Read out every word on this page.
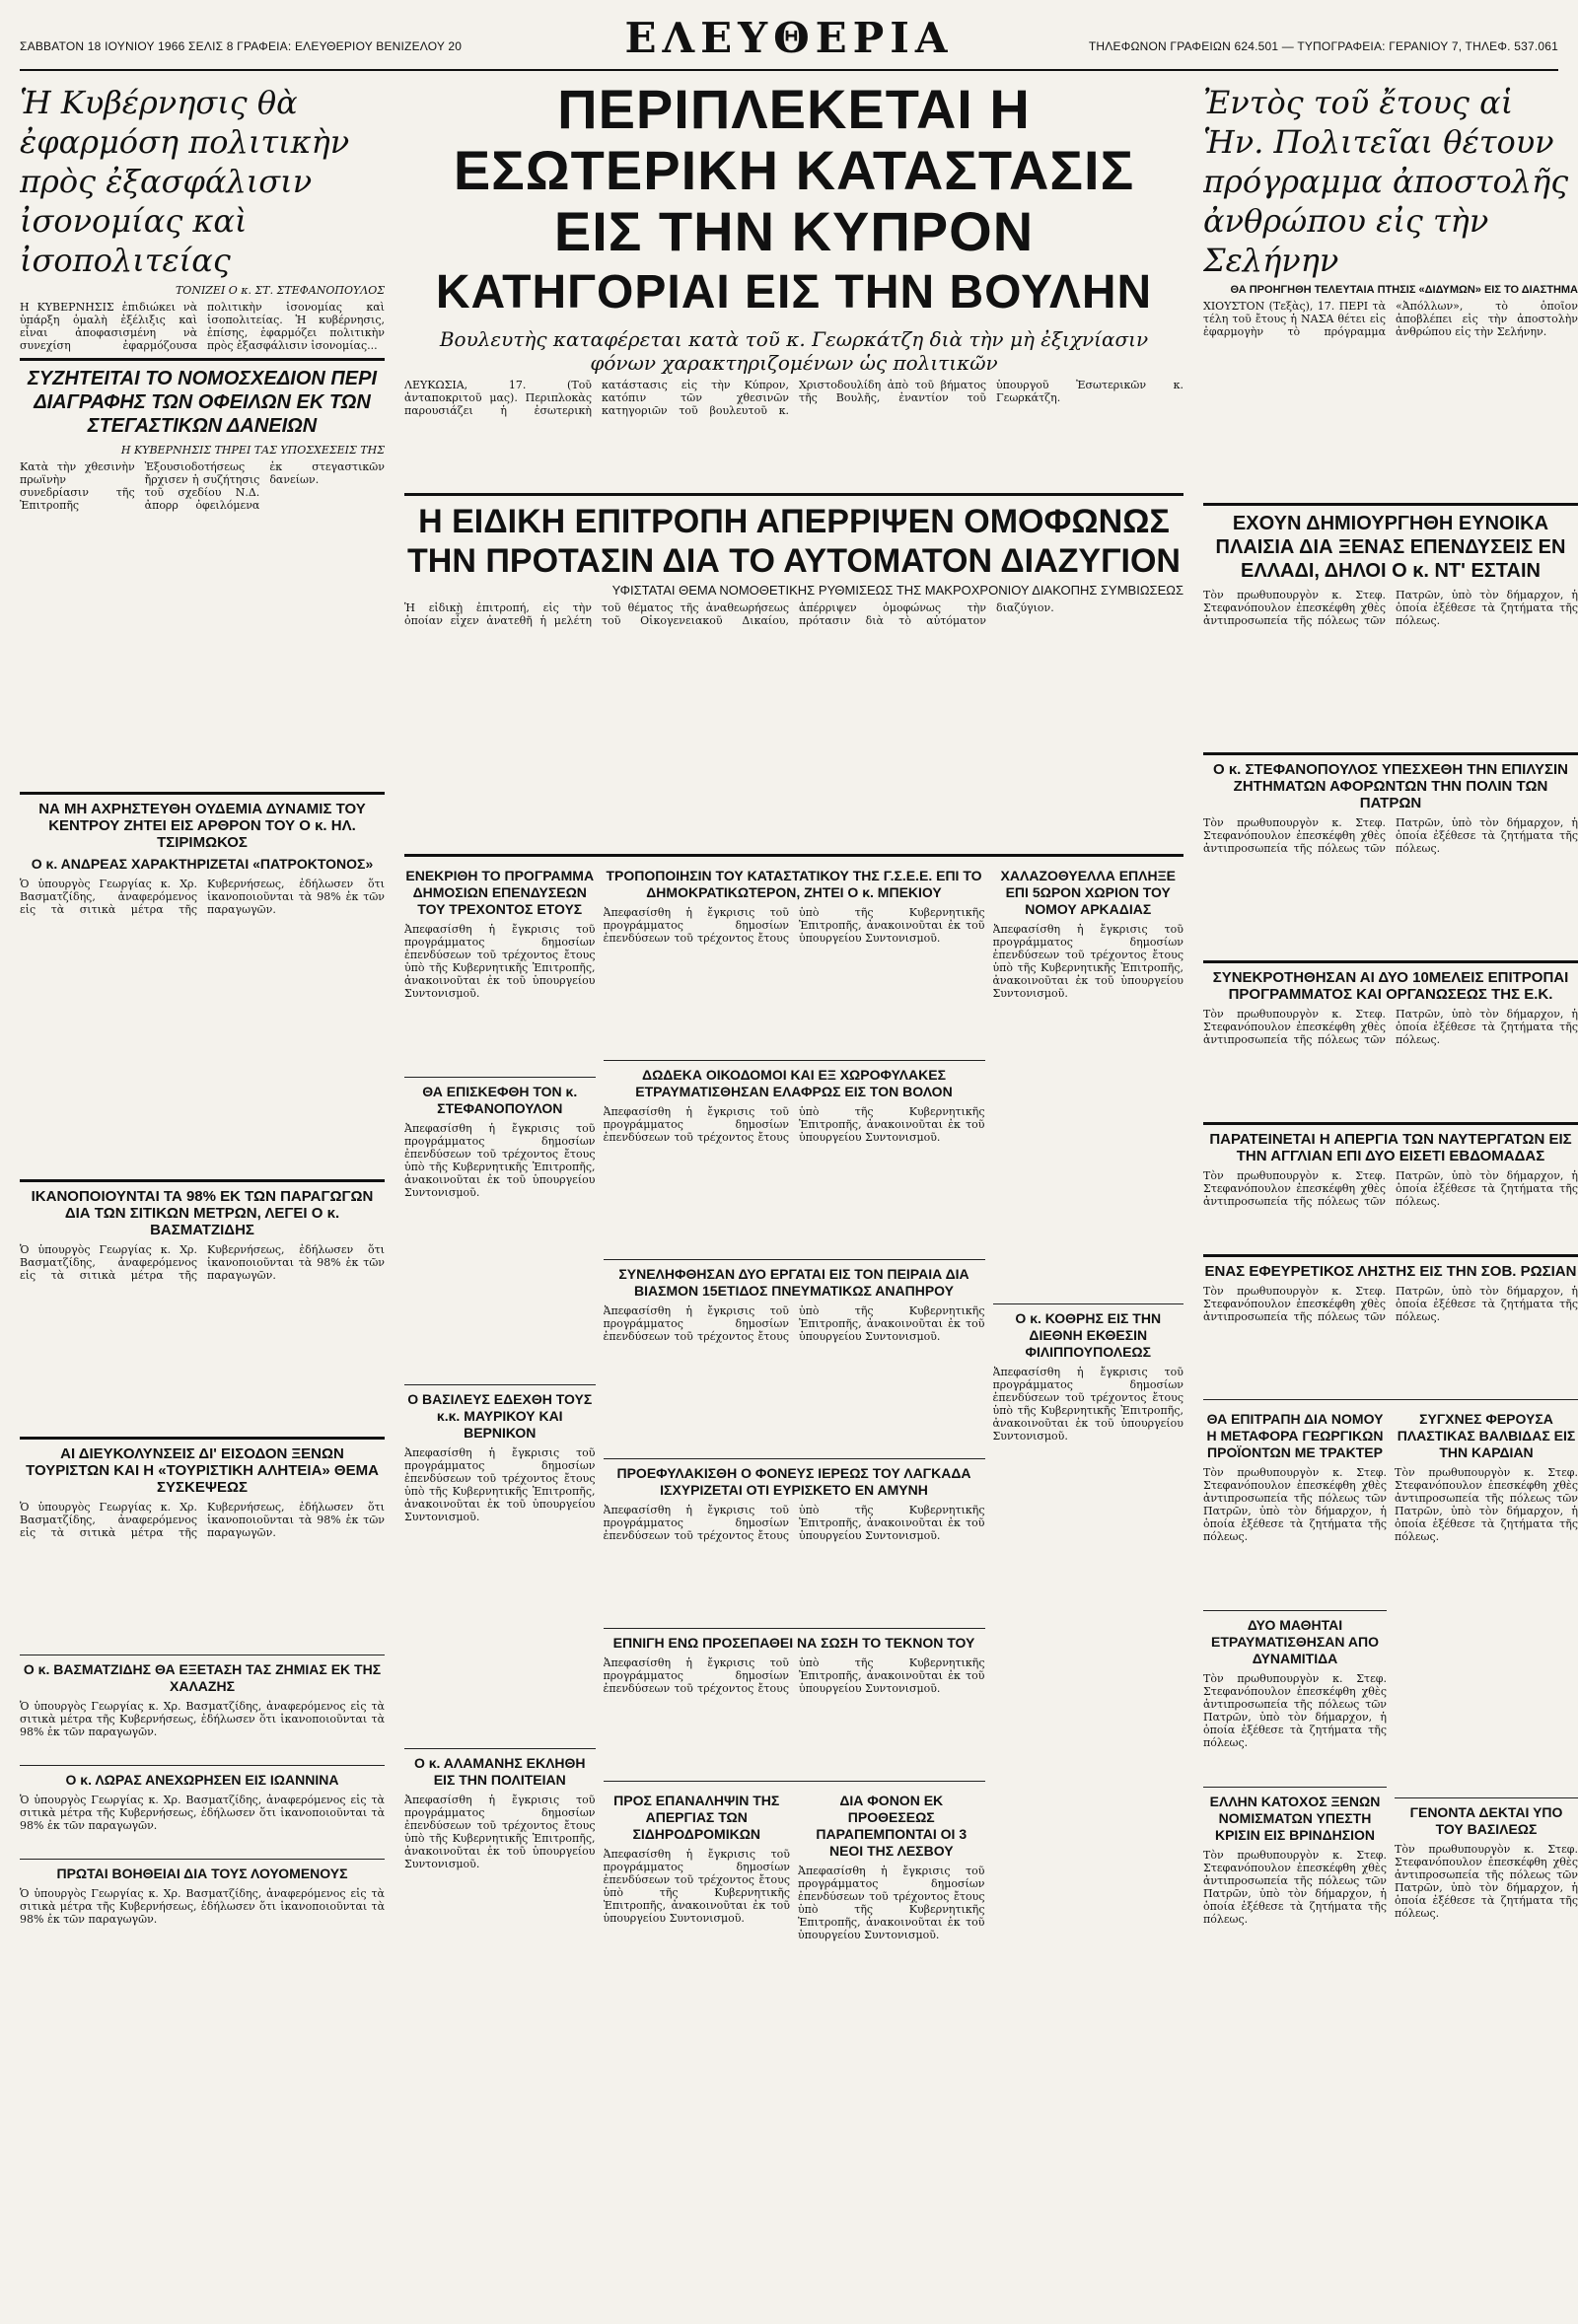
ΣΑΒΒΑΤΟΝ 18 ΙΟΥΝΙΟΥ 1966 ΣΕΛΙΣ 8 ΓΡΑΦΕΙΑ: ΕΛΕΥΘΕΡΙΟΥ ΒΕΝΙΖΕΛΟΥ 20	ΕΛΕΥΘΕΡΙΑ	ΤΗΛΕΦΩΝΟΝ ΓΡΑΦΕΙΩΝ 624.501 — ΤΥΠΟΓΡΑΦΕΙΑ: ΓΕΡΑΝΙΟΥ 7, ΤΗΛΕΦ. 537.061
Ἡ Κυβέρνησις θὰ ἐφαρμόση πολιτικὴν πρὸς ἐξασφάλισιν ἰσονομίας καὶ ἰσοπολιτείας
ΤΟΝΙΖΕΙ Ο κ. ΣΤ. ΣΤΕΦΑΝΟΠΟΥΛΟΣ
Η ΚΥΒΕΡΝΗΣΙΣ ἐπιδιώκει νὰ ὑπάρξη ὁμαλὴ ἐξέλιξις καὶ εἶναι ἀποφασισμένη νὰ συνεχίση ἐφαρμόζουσα πολιτικὴν ἰσονομίας καὶ ἰσοπολιτείας. Ἡ κυβέρνησις, ἐπίσης, ἐφαρμόζει πολιτικὴν πρὸς ἐξασφάλισιν ἰσονομίας...
ΣΥΖΗΤΕΙΤΑΙ ΤΟ ΝΟΜΟΣΧΕΔΙΟΝ ΠΕΡΙ ΔΙΑΓΡΑΦΗΣ ΤΩΝ ΟΦΕΙΛΩΝ ΕΚ ΤΩΝ ΣΤΕΓΑΣΤΙΚΩΝ ΔΑΝΕΙΩΝ
Η ΚΥΒΕΡΝΗΣΙΣ ΤΗΡΕΙ ΤΑΣ ΥΠΟΣΧΕΣΕΙΣ ΤΗΣ
Κατὰ τὴν χθεσινὴν πρωϊνὴν συνεδρίασιν τῆς Ἐπιτροπῆς Ἐξουσιοδοτήσεως ἤρχισεν ἡ συζήτησις τοῦ σχεδίου Ν.Δ. ἀπορρ ὀφειλόμενα ἐκ στεγαστικῶν δανείων.
ΝΑ ΜΗ ΑΧΡΗΣΤΕΥΘΗ ΟΥΔΕΜΙΑ ΔΥΝΑΜΙΣ ΤΟΥ ΚΕΝΤΡΟΥ ΖΗΤΕΙ ΕΙΣ ΑΡΘΡΟΝ ΤΟΥ Ο κ. ΗΛ. ΤΣΙΡΙΜΩΚΟΣ
Ο κ. ΑΝΔΡΕΑΣ ΧΑΡΑΚΤΗΡΙΖΕΤΑΙ «ΠΑΤΡΟΚΤΟΝΟΣ»
Ὁ ὑπουργὸς Γεωργίας κ. Χρ. Βασματζίδης, ἀναφερόμενος εἰς τὰ σιτικὰ μέτρα τῆς Κυβερνήσεως, ἐδήλωσεν ὅτι ἱκανοποιοῦνται τὰ 98% ἐκ τῶν παραγωγῶν.
ΙΚΑΝΟΠΟΙΟΥΝΤΑΙ ΤΑ 98% ΕΚ ΤΩΝ ΠΑΡΑΓΩΓΩΝ ΔΙΑ ΤΩΝ ΣΙΤΙΚΩΝ ΜΕΤΡΩΝ, ΛΕΓΕΙ Ο κ. ΒΑΣΜΑΤΖΙΔΗΣ
Ὁ ὑπουργὸς Γεωργίας κ. Χρ. Βασματζίδης, ἀναφερόμενος εἰς τὰ σιτικὰ μέτρα τῆς Κυβερνήσεως, ἐδήλωσεν ὅτι ἱκανοποιοῦνται τὰ 98% ἐκ τῶν παραγωγῶν.
ΑΙ ΔΙΕΥΚΟΛΥΝΣΕΙΣ ΔΙ' ΕΙΣΟΔΟΝ ΞΕΝΩΝ ΤΟΥΡΙΣΤΩΝ ΚΑΙ Η «ΤΟΥΡΙΣΤΙΚΗ ΑΛΗΤΕΙΑ» ΘΕΜΑ ΣΥΣΚΕΨΕΩΣ
Ὁ ὑπουργὸς Γεωργίας κ. Χρ. Βασματζίδης, ἀναφερόμενος εἰς τὰ σιτικὰ μέτρα τῆς Κυβερνήσεως, ἐδήλωσεν ὅτι ἱκανοποιοῦνται τὰ 98% ἐκ τῶν παραγωγῶν.
Ο κ. ΒΑΣΜΑΤΖΙΔΗΣ ΘΑ ΕΞΕΤΑΣΗ ΤΑΣ ΖΗΜΙΑΣ ΕΚ ΤΗΣ ΧΑΛΑΖΗΣ
Ὁ ὑπουργὸς Γεωργίας κ. Χρ. Βασματζίδης, ἀναφερόμενος εἰς τὰ σιτικὰ μέτρα τῆς Κυβερνήσεως, ἐδήλωσεν ὅτι ἱκανοποιοῦνται τὰ 98% ἐκ τῶν παραγωγῶν.
Ο κ. ΛΩΡΑΣ ΑΝΕΧΩΡΗΣΕΝ ΕΙΣ ΙΩΑΝΝΙΝΑ
Ὁ ὑπουργὸς Γεωργίας κ. Χρ. Βασματζίδης, ἀναφερόμενος εἰς τὰ σιτικὰ μέτρα τῆς Κυβερνήσεως, ἐδήλωσεν ὅτι ἱκανοποιοῦνται τὰ 98% ἐκ τῶν παραγωγῶν.
ΠΡΩΤΑΙ ΒΟΗΘΕΙΑΙ ΔΙΑ ΤΟΥΣ ΛΟΥΟΜΕΝΟΥΣ
Ὁ ὑπουργὸς Γεωργίας κ. Χρ. Βασματζίδης, ἀναφερόμενος εἰς τὰ σιτικὰ μέτρα τῆς Κυβερνήσεως, ἐδήλωσεν ὅτι ἱκανοποιοῦνται τὰ 98% ἐκ τῶν παραγωγῶν.
ΠΕΡΙΠΛΕΚΕΤΑΙ Η ΕΣΩΤΕΡΙΚΗ ΚΑΤΑΣΤΑΣΙΣ ΕΙΣ ΤΗΝ ΚΥΠΡΟΝ
ΚΑΤΗΓΟΡΙΑΙ ΕΙΣ ΤΗΝ ΒΟΥΛΗΝ
Βουλευτὴς καταφέρεται κατὰ τοῦ κ. Γεωρκάτζη διὰ τὴν μὴ ἐξιχνίασιν φόνων χαρακτηριζομένων ὡς πολιτικῶν
ΛΕΥΚΩΣΙΑ, 17. (Τοῦ ἀνταποκριτοῦ μας). Περιπλοκὰς παρουσιάζει ἡ ἐσωτερικὴ κατάστασις εἰς τὴν Κύπρον, κατόπιν τῶν χθεσινῶν κατηγοριῶν τοῦ βουλευτοῦ κ. Χριστοδουλίδη ἀπὸ τοῦ βήματος τῆς Βουλῆς, ἐναντίον τοῦ ὑπουργοῦ Ἐσωτερικῶν κ. Γεωρκάτζη.
Η ΕΙΔΙΚΗ ΕΠΙΤΡΟΠΗ ΑΠΕΡΡΙΨΕΝ ΟΜΟΦΩΝΩΣ ΤΗΝ ΠΡΟΤΑΣΙΝ ΔΙΑ ΤΟ ΑΥΤΟΜΑΤΟΝ ΔΙΑΖΥΓΙΟΝ
ΥΦΙΣΤΑΤΑΙ ΘΕΜΑ ΝΟΜΟΘΕΤΙΚΗΣ ΡΥΘΜΙΣΕΩΣ ΤΗΣ ΜΑΚΡΟΧΡΟΝΙΟΥ ΔΙΑΚΟΠΗΣ ΣΥΜΒΙΩΣΕΩΣ
Ἡ εἰδικὴ ἐπιτροπή, εἰς τὴν ὁποίαν εἶχεν ἀνατεθῆ ἡ μελέτη τοῦ θέματος τῆς ἀναθεωρήσεως τοῦ Οἰκογενειακοῦ Δικαίου, ἀπέρριψεν ὁμοφώνως τὴν πρότασιν διὰ τὸ αὐτόματον διαζύγιον.
ΕΝΕΚΡΙΘΗ ΤΟ ΠΡΟΓΡΑΜΜΑ ΔΗΜΟΣΙΩΝ ΕΠΕΝΔΥΣΕΩΝ ΤΟΥ ΤΡΕΧΟΝΤΟΣ ΕΤΟΥΣ
Ἀπεφασίσθη ἡ ἔγκρισις τοῦ προγράμματος δημοσίων ἐπενδύσεων τοῦ τρέχοντος ἔτους ὑπὸ τῆς Κυβερνητικῆς Ἐπιτροπῆς, ἀνακοινοῦται ἐκ τοῦ ὑπουργείου Συντονισμοῦ.
ΘΑ ΕΠΙΣΚΕΦΘΗ ΤΟΝ κ. ΣΤΕΦΑΝΟΠΟΥΛΟΝ
Ἀπεφασίσθη ἡ ἔγκρισις τοῦ προγράμματος δημοσίων ἐπενδύσεων τοῦ τρέχοντος ἔτους ὑπὸ τῆς Κυβερνητικῆς Ἐπιτροπῆς, ἀνακοινοῦται ἐκ τοῦ ὑπουργείου Συντονισμοῦ.
Ο ΒΑΣΙΛΕΥΣ ΕΔΕΧΘΗ ΤΟΥΣ κ.κ. ΜΑΥΡΙΚΟΥ ΚΑΙ ΒΕΡΝΙΚΟΝ
Ἀπεφασίσθη ἡ ἔγκρισις τοῦ προγράμματος δημοσίων ἐπενδύσεων τοῦ τρέχοντος ἔτους ὑπὸ τῆς Κυβερνητικῆς Ἐπιτροπῆς, ἀνακοινοῦται ἐκ τοῦ ὑπουργείου Συντονισμοῦ.
Ο κ. ΑΛΑΜΑΝΗΣ ΕΚΛΗΘΗ ΕΙΣ ΤΗΝ ΠΟΛΙΤΕΙΑΝ
Ἀπεφασίσθη ἡ ἔγκρισις τοῦ προγράμματος δημοσίων ἐπενδύσεων τοῦ τρέχοντος ἔτους ὑπὸ τῆς Κυβερνητικῆς Ἐπιτροπῆς, ἀνακοινοῦται ἐκ τοῦ ὑπουργείου Συντονισμοῦ.
ΤΡΟΠΟΠΟΙΗΣΙΝ ΤΟΥ ΚΑΤΑΣΤΑΤΙΚΟΥ ΤΗΣ Γ.Σ.Ε.Ε. ΕΠΙ ΤΟ ΔΗΜΟΚΡΑΤΙΚΩΤΕΡΟΝ, ΖΗΤΕΙ Ο κ. ΜΠΕΚΙΟΥ
Ἀπεφασίσθη ἡ ἔγκρισις τοῦ προγράμματος δημοσίων ἐπενδύσεων τοῦ τρέχοντος ἔτους ὑπὸ τῆς Κυβερνητικῆς Ἐπιτροπῆς, ἀνακοινοῦται ἐκ τοῦ ὑπουργείου Συντονισμοῦ.
ΔΩΔΕΚΑ ΟΙΚΟΔΟΜΟΙ ΚΑΙ ΕΞ ΧΩΡΟΦΥΛΑΚΕΣ ΕΤΡΑΥΜΑΤΙΣΘΗΣΑΝ ΕΛΑΦΡΩΣ ΕΙΣ ΤΟΝ ΒΟΛΟΝ
Ἀπεφασίσθη ἡ ἔγκρισις τοῦ προγράμματος δημοσίων ἐπενδύσεων τοῦ τρέχοντος ἔτους ὑπὸ τῆς Κυβερνητικῆς Ἐπιτροπῆς, ἀνακοινοῦται ἐκ τοῦ ὑπουργείου Συντονισμοῦ.
ΣΥΝΕΛΗΦΘΗΣΑΝ ΔΥΟ ΕΡΓΑΤΑΙ ΕΙΣ ΤΟΝ ΠΕΙΡΑΙΑ ΔΙΑ ΒΙΑΣΜΟΝ 15ΕΤΙΔΟΣ ΠΝΕΥΜΑΤΙΚΩΣ ΑΝΑΠΗΡΟΥ
Ἀπεφασίσθη ἡ ἔγκρισις τοῦ προγράμματος δημοσίων ἐπενδύσεων τοῦ τρέχοντος ἔτους ὑπὸ τῆς Κυβερνητικῆς Ἐπιτροπῆς, ἀνακοινοῦται ἐκ τοῦ ὑπουργείου Συντονισμοῦ.
ΠΡΟΕΦΥΛΑΚΙΣΘΗ Ο ΦΟΝΕΥΣ ΙΕΡΕΩΣ ΤΟΥ ΛΑΓΚΑΔΑ ΙΣΧΥΡΙΖΕΤΑΙ ΟΤΙ ΕΥΡΙΣΚΕΤΟ ΕΝ ΑΜΥΝΗ
Ἀπεφασίσθη ἡ ἔγκρισις τοῦ προγράμματος δημοσίων ἐπενδύσεων τοῦ τρέχοντος ἔτους ὑπὸ τῆς Κυβερνητικῆς Ἐπιτροπῆς, ἀνακοινοῦται ἐκ τοῦ ὑπουργείου Συντονισμοῦ.
ΕΠΝΙΓΗ ΕΝΩ ΠΡΟΣΕΠΑΘΕΙ ΝΑ ΣΩΣΗ ΤΟ ΤΕΚΝΟΝ ΤΟΥ
Ἀπεφασίσθη ἡ ἔγκρισις τοῦ προγράμματος δημοσίων ἐπενδύσεων τοῦ τρέχοντος ἔτους ὑπὸ τῆς Κυβερνητικῆς Ἐπιτροπῆς, ἀνακοινοῦται ἐκ τοῦ ὑπουργείου Συντονισμοῦ.
ΠΡΟΣ ΕΠΑΝΑΛΗΨΙΝ ΤΗΣ ΑΠΕΡΓΙΑΣ ΤΩΝ ΣΙΔΗΡΟΔΡΟΜΙΚΩΝ
Ἀπεφασίσθη ἡ ἔγκρισις τοῦ προγράμματος δημοσίων ἐπενδύσεων τοῦ τρέχοντος ἔτους ὑπὸ τῆς Κυβερνητικῆς Ἐπιτροπῆς, ἀνακοινοῦται ἐκ τοῦ ὑπουργείου Συντονισμοῦ.
ΔΙΑ ΦΟΝΟΝ ΕΚ ΠΡΟΘΕΣΕΩΣ ΠΑΡΑΠΕΜΠΟΝΤΑΙ ΟΙ 3 ΝΕΟΙ ΤΗΣ ΛΕΣΒΟΥ
Ἀπεφασίσθη ἡ ἔγκρισις τοῦ προγράμματος δημοσίων ἐπενδύσεων τοῦ τρέχοντος ἔτους ὑπὸ τῆς Κυβερνητικῆς Ἐπιτροπῆς, ἀνακοινοῦται ἐκ τοῦ ὑπουργείου Συντονισμοῦ.
ΧΑΛΑΖΟΘΥΕΛΛΑ ΕΠΛΗΞΕ ΕΠΙ 5ΩΡΟΝ ΧΩΡΙΟΝ ΤΟΥ ΝΟΜΟΥ ΑΡΚΑΔΙΑΣ
Ἀπεφασίσθη ἡ ἔγκρισις τοῦ προγράμματος δημοσίων ἐπενδύσεων τοῦ τρέχοντος ἔτους ὑπὸ τῆς Κυβερνητικῆς Ἐπιτροπῆς, ἀνακοινοῦται ἐκ τοῦ ὑπουργείου Συντονισμοῦ.
Ο κ. ΚΟΘΡΗΣ ΕΙΣ ΤΗΝ ΔΙΕΘΝΗ ΕΚΘΕΣΙΝ ΦΙΛΙΠΠΟΥΠΟΛΕΩΣ
Ἀπεφασίσθη ἡ ἔγκρισις τοῦ προγράμματος δημοσίων ἐπενδύσεων τοῦ τρέχοντος ἔτους ὑπὸ τῆς Κυβερνητικῆς Ἐπιτροπῆς, ἀνακοινοῦται ἐκ τοῦ ὑπουργείου Συντονισμοῦ.
Ἐντὸς τοῦ ἔτους αἱ Ἡν. Πολιτεῖαι θέτουν πρόγραμμα ἀποστολῆς ἀνθρώπου εἰς τὴν Σελήνην
ΘΑ ΠΡΟΗΓΗΘΗ ΤΕΛΕΥΤΑΙΑ ΠΤΗΣΙΣ «ΔΙΔΥΜΩΝ» ΕΙΣ ΤΟ ΔΙΑΣΤΗΜΑ
ΧΙΟΥΣΤΟΝ (Τεξὰς), 17. ΠΕΡΙ τὰ τέλη τοῦ ἔτους ἡ ΝΑΣΑ θέτει εἰς ἐφαρμογὴν τὸ πρόγραμμα «Ἀπόλλων», τὸ ὁποῖον ἀποβλέπει εἰς τὴν ἀποστολὴν ἀνθρώπου εἰς τὴν Σελήνην.
ΕΧΟΥΝ ΔΗΜΙΟΥΡΓΗΘΗ ΕΥΝΟΙΚΑ ΠΛΑΙΣΙΑ ΔΙΑ ΞΕΝΑΣ ΕΠΕΝΔΥΣΕΙΣ ΕΝ ΕΛΛΑΔΙ, ΔΗΛΟΙ Ο κ. ΝΤ' ΕΣΤΑΙΝ
Τὸν πρωθυπουργὸν κ. Στεφ. Στεφανόπουλον ἐπεσκέφθη χθὲς ἀντιπροσωπεία τῆς πόλεως τῶν Πατρῶν, ὑπὸ τὸν δήμαρχον, ἡ ὁποία ἐξέθεσε τὰ ζητήματα τῆς πόλεως.
Ο κ. ΣΤΕΦΑΝΟΠΟΥΛΟΣ ΥΠΕΣΧΕΘΗ ΤΗΝ ΕΠΙΛΥΣΙΝ ΖΗΤΗΜΑΤΩΝ ΑΦΟΡΩΝΤΩΝ ΤΗΝ ΠΟΛΙΝ ΤΩΝ ΠΑΤΡΩΝ
Τὸν πρωθυπουργὸν κ. Στεφ. Στεφανόπουλον ἐπεσκέφθη χθὲς ἀντιπροσωπεία τῆς πόλεως τῶν Πατρῶν, ὑπὸ τὸν δήμαρχον, ἡ ὁποία ἐξέθεσε τὰ ζητήματα τῆς πόλεως.
ΣΥΝΕΚΡΟΤΗΘΗΣΑΝ ΑΙ ΔΥΟ 10ΜΕΛΕΙΣ ΕΠΙΤΡΟΠΑΙ ΠΡΟΓΡΑΜΜΑΤΟΣ ΚΑΙ ΟΡΓΑΝΩΣΕΩΣ ΤΗΣ Ε.Κ.
Τὸν πρωθυπουργὸν κ. Στεφ. Στεφανόπουλον ἐπεσκέφθη χθὲς ἀντιπροσωπεία τῆς πόλεως τῶν Πατρῶν, ὑπὸ τὸν δήμαρχον, ἡ ὁποία ἐξέθεσε τὰ ζητήματα τῆς πόλεως.
ΠΑΡΑΤΕΙΝΕΤΑΙ Η ΑΠΕΡΓΙΑ ΤΩΝ ΝΑΥΤΕΡΓΑΤΩΝ ΕΙΣ ΤΗΝ ΑΓΓΛΙΑΝ ΕΠΙ ΔΥΟ ΕΙΣΕΤΙ ΕΒΔΟΜΑΔΑΣ
Τὸν πρωθυπουργὸν κ. Στεφ. Στεφανόπουλον ἐπεσκέφθη χθὲς ἀντιπροσωπεία τῆς πόλεως τῶν Πατρῶν, ὑπὸ τὸν δήμαρχον, ἡ ὁποία ἐξέθεσε τὰ ζητήματα τῆς πόλεως.
ΕΝΑΣ ΕΦΕΥΡΕΤΙΚΟΣ ΛΗΣΤΗΣ ΕΙΣ ΤΗΝ ΣΟΒ. ΡΩΣΙΑΝ
Τὸν πρωθυπουργὸν κ. Στεφ. Στεφανόπουλον ἐπεσκέφθη χθὲς ἀντιπροσωπεία τῆς πόλεως τῶν Πατρῶν, ὑπὸ τὸν δήμαρχον, ἡ ὁποία ἐξέθεσε τὰ ζητήματα τῆς πόλεως.
ΘΑ ΕΠΙΤΡΑΠΗ ΔΙΑ ΝΟΜΟΥ Η ΜΕΤΑΦΟΡΑ ΓΕΩΡΓΙΚΩΝ ΠΡΟΪΟΝΤΩΝ ΜΕ ΤΡΑΚΤΕΡ
Τὸν πρωθυπουργὸν κ. Στεφ. Στεφανόπουλον ἐπεσκέφθη χθὲς ἀντιπροσωπεία τῆς πόλεως τῶν Πατρῶν, ὑπὸ τὸν δήμαρχον, ἡ ὁποία ἐξέθεσε τὰ ζητήματα τῆς πόλεως.
ΔΥΟ ΜΑΘΗΤΑΙ ΕΤΡΑΥΜΑΤΙΣΘΗΣΑΝ ΑΠΟ ΔΥΝΑΜΙΤΙΔΑ
Τὸν πρωθυπουργὸν κ. Στεφ. Στεφανόπουλον ἐπεσκέφθη χθὲς ἀντιπροσωπεία τῆς πόλεως τῶν Πατρῶν, ὑπὸ τὸν δήμαρχον, ἡ ὁποία ἐξέθεσε τὰ ζητήματα τῆς πόλεως.
ΕΛΛΗΝ ΚΑΤΟΧΟΣ ΞΕΝΩΝ ΝΟΜΙΣΜΑΤΩΝ ΥΠΕΣΤΗ ΚΡΙΣΙΝ ΕΙΣ ΒΡΙΝΔΗΣΙΟΝ
Τὸν πρωθυπουργὸν κ. Στεφ. Στεφανόπουλον ἐπεσκέφθη χθὲς ἀντιπροσωπεία τῆς πόλεως τῶν Πατρῶν, ὑπὸ τὸν δήμαρχον, ἡ ὁποία ἐξέθεσε τὰ ζητήματα τῆς πόλεως.
ΣΥΓΧΝΕΣ ΦΕΡΟΥΣΑ ΠΛΑΣΤΙΚΑΣ ΒΑΛΒΙΔΑΣ ΕΙΣ ΤΗΝ ΚΑΡΔΙΑΝ
Τὸν πρωθυπουργὸν κ. Στεφ. Στεφανόπουλον ἐπεσκέφθη χθὲς ἀντιπροσωπεία τῆς πόλεως τῶν Πατρῶν, ὑπὸ τὸν δήμαρχον, ἡ ὁποία ἐξέθεσε τὰ ζητήματα τῆς πόλεως.
ΓΕΝΟΝΤΑ ΔΕΚΤΑΙ ΥΠΟ ΤΟΥ ΒΑΣΙΛΕΩΣ
Τὸν πρωθυπουργὸν κ. Στεφ. Στεφανόπουλον ἐπεσκέφθη χθὲς ἀντιπροσωπεία τῆς πόλεως τῶν Πατρῶν, ὑπὸ τὸν δήμαρχον, ἡ ὁποία ἐξέθεσε τὰ ζητήματα τῆς πόλεως.
